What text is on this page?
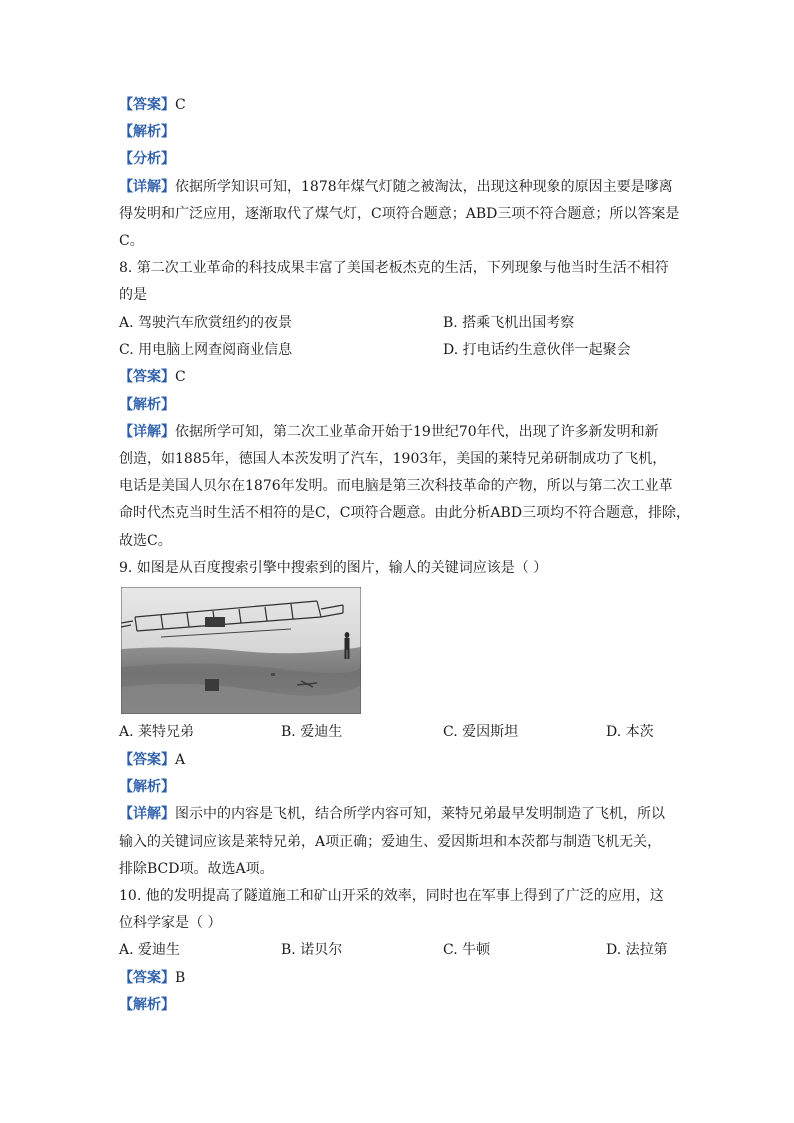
【答案】C
【解析】
【分析】
【详解】依据所学知识可知，1878年煤气灯随之被淘汰，出现这种现象的原因主要是嗲离
得发明和广泛应用，逐渐取代了煤气灯，C项符合题意；ABD三项不符合题意；所以答案是
C。
8. 第二次工业革命的科技成果丰富了美国老板杰克的生活，下列现象与他当时生活不相符
的是
A. 驾驶汽车欣赏纽约的夜景	B. 搭乘飞机出国考察
C. 用电脑上网查阅商业信息	D. 打电话约生意伙伴一起聚会
【答案】C
【解析】
【详解】依据所学可知，第二次工业革命开始于19世纪70年代，出现了许多新发明和新
创造，如1885年，德国人本茨发明了汽车，1903年，美国的莱特兄弟研制成功了飞机，
电话是美国人贝尔在1876年发明。而电脑是第三次科技革命的产物，所以与第二次工业革
命时代杰克当时生活不相符的是C，C项符合题意。由此分析ABD三项均不符合题意，排除，
故选C。
9. 如图是从百度搜索引擎中搜索到的图片，输人的关键词应该是（ ）
A. 莱特兄弟	B. 爱迪生	C. 爱因斯坦	D. 本茨
【答案】A
【解析】
【详解】图示中的内容是飞机，结合所学内容可知，莱特兄弟最早发明制造了飞机，所以
输入的关键词应该是莱特兄弟，A项正确；爱迪生、爱因斯坦和本茨都与制造飞机无关，
排除BCD项。故选A项。
10. 他的发明提高了隧道施工和矿山开采的效率，同时也在军事上得到了广泛的应用，这
位科学家是（ ）
A. 爱迪生	B. 诺贝尔	C. 牛顿	D. 法拉第
【答案】B
【解析】
